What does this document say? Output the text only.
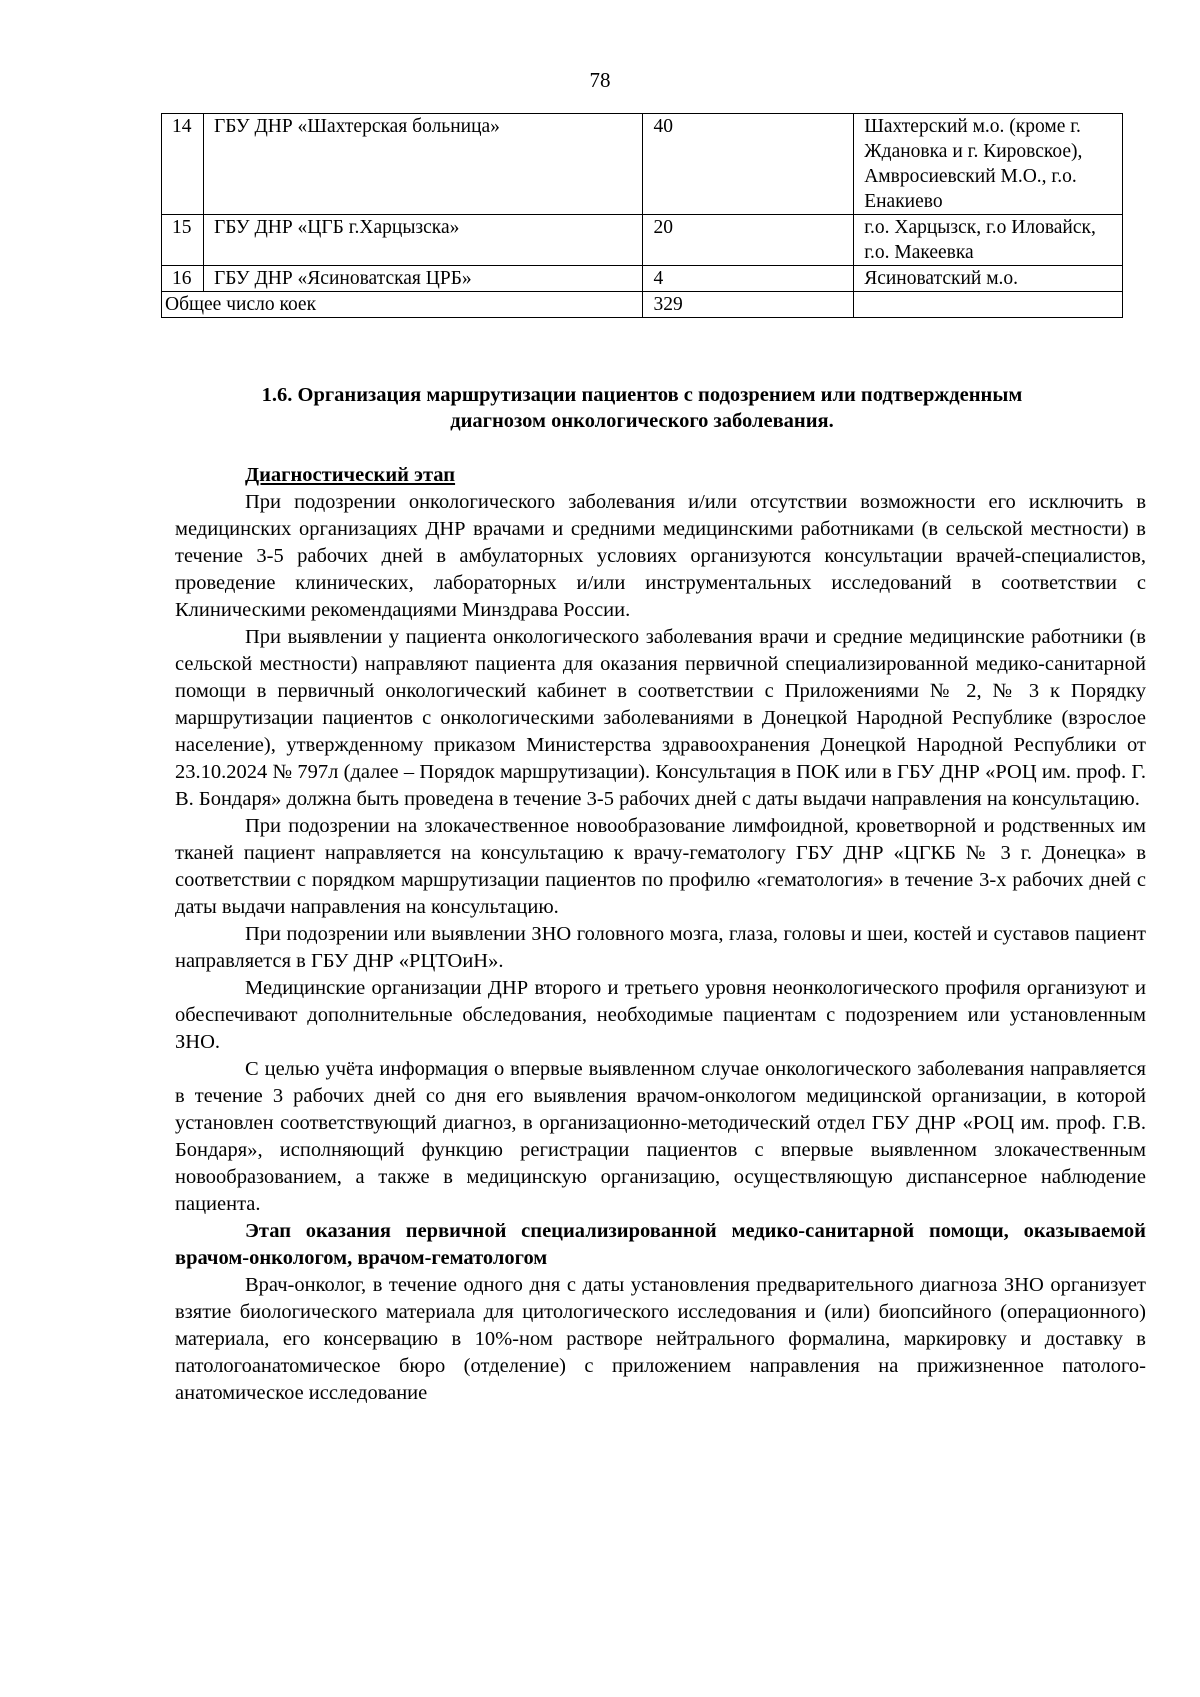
78
14	ГБУ ДНР «Шахтерская больница»	40	Шахтерский м.о. (кроме г. Ждановка и г. Кировское), Амвросиевский М.О., г.о. Енакиево
15	ГБУ ДНР «ЦГБ г.Харцызска»	20	г.о. Харцызск, г.о Иловайск, г.о. Макеевка
16	ГБУ ДНР «Ясиноватская ЦРБ»	4	Ясиноватский м.о.
Общее число коек		329	
1.6. Организация маршрутизации пациентов с подозрением или подтвержденным
диагнозом онкологического заболевания.

Диагностический этап

При подозрении онкологического заболевания и/или отсутствии возможности его исключить в медицинских организациях ДНР врачами и средними медицинскими работниками (в сельской местности) в течение 3-5 рабочих дней в амбулаторных условиях организуются консультации врачей-специалистов, проведение клинических, лабораторных и/или инструментальных исследований в соответствии с Клиническими рекомендациями Минздрава России.

При выявлении у пациента онкологического заболевания врачи и средние медицинские работники (в сельской местности) направляют пациента для оказания первичной специализированной медико-санитарной помощи в первичный онкологический кабинет в соответствии с Приложениями № 2, № 3 к Порядку маршрутизации пациентов с онкологическими заболеваниями в Донецкой Народной Республике (взрослое население), утвержденному приказом Министерства здравоохранения Донецкой Народной Республики от 23.10.2024 № 797л (далее – Порядок маршрутизации). Консультация в ПОК или в ГБУ ДНР «РОЦ им. проф. Г. В. Бондаря» должна быть проведена в течение 3-5 рабочих дней с даты выдачи направления на консультацию.

При подозрении на злокачественное новообразование лимфоидной, кроветворной и родственных им тканей пациент направляется на консультацию к врачу-гематологу ГБУ ДНР «ЦГКБ № 3 г. Донецка» в соответствии с порядком маршрутизации пациентов по профилю «гематология» в течение 3-х рабочих дней с даты выдачи направления на консультацию.

При подозрении или выявлении ЗНО головного мозга, глаза, головы и шеи, костей и суставов пациент направляется в ГБУ ДНР «РЦТОиН».

Медицинские организации ДНР второго и третьего уровня неонкологического профиля организуют и обеспечивают дополнительные обследования, необходимые пациентам с подозрением или установленным ЗНО.

С целью учёта информация о впервые выявленном случае онкологического заболевания направляется в течение 3 рабочих дней со дня его выявления врачом-онкологом медицинской организации, в которой установлен соответствующий диагноз, в организационно-методический отдел ГБУ ДНР «РОЦ им. проф. Г.В. Бондаря», исполняющий функцию регистрации пациентов с впервые выявленном злокачественным новообразованием, а также в медицинскую организацию, осуществляющую диспансерное наблюдение пациента.

Этап оказания первичной специализированной медико-санитарной помощи, оказываемой врачом-онкологом, врачом-гематологом

Врач-онколог, в течение одного дня с даты установления предварительного диагноза ЗНО организует взятие биологического материала для цитологического исследования и (или) биопсийного (операционного) материала, его консервацию в 10%-ном растворе нейтрального формалина, маркировку и доставку в патологоанатомическое бюро (отделение) с приложением направления на прижизненное патолого-анатомическое исследование
